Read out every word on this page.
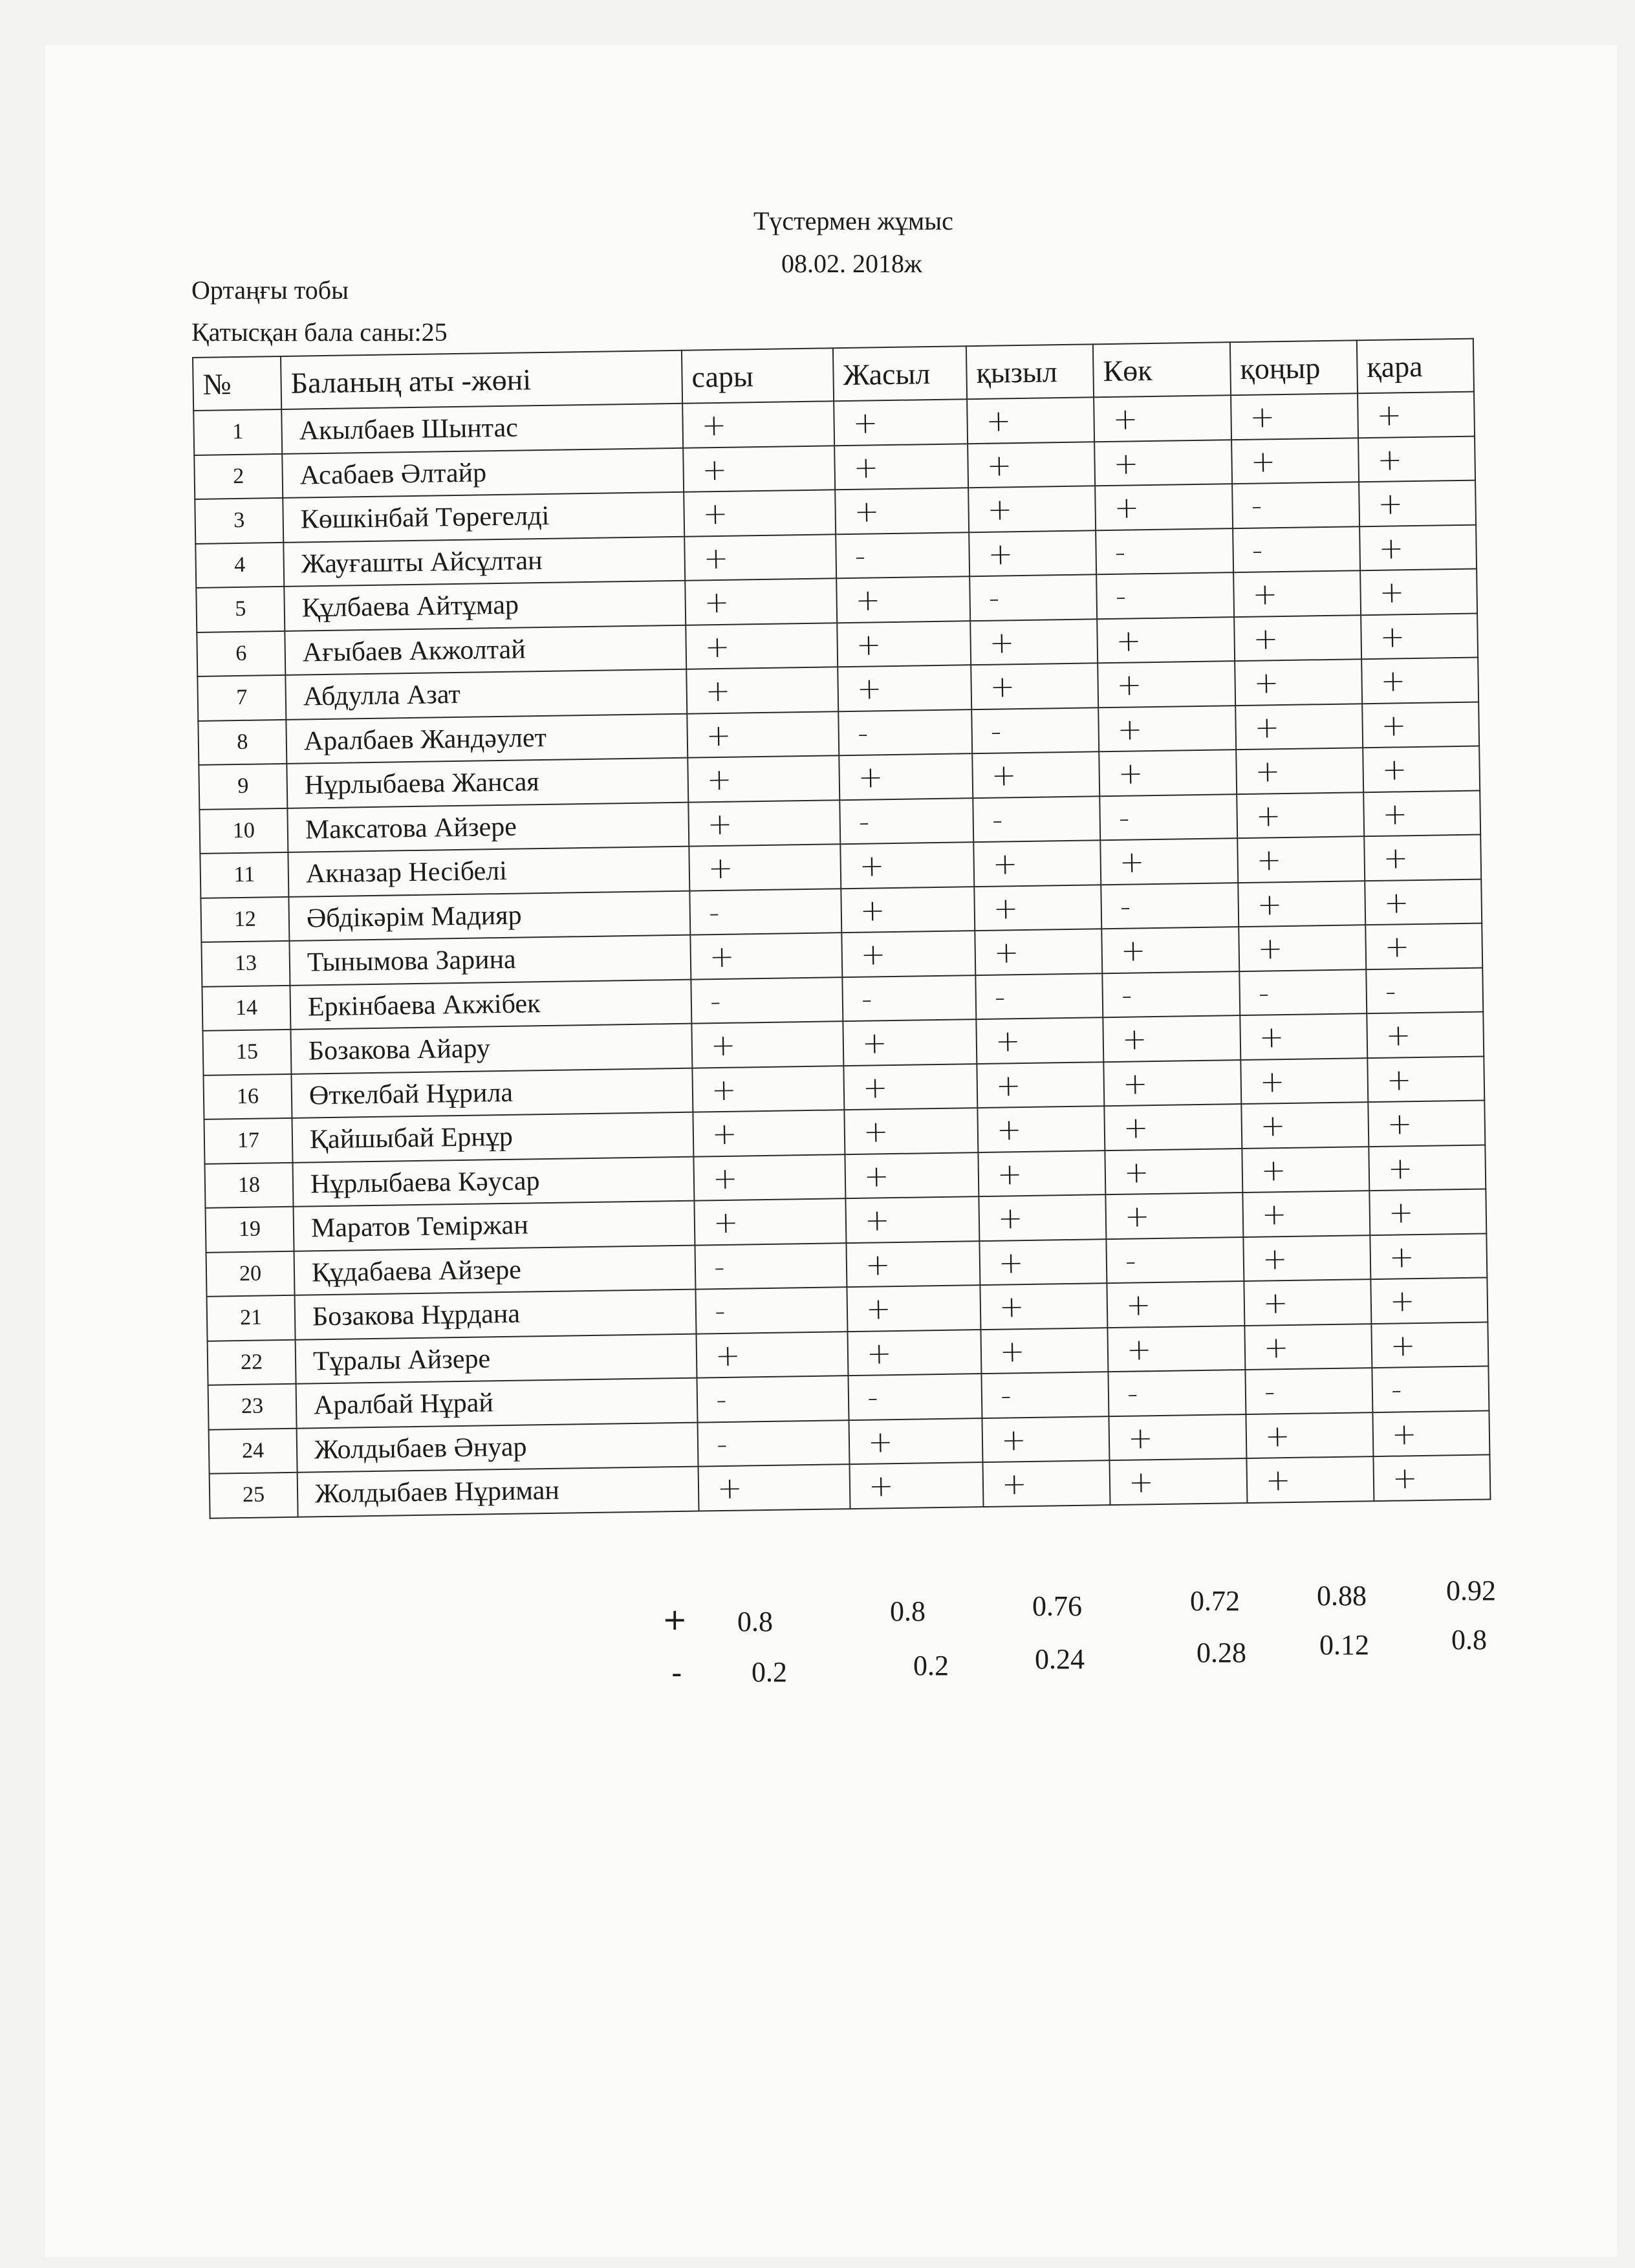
Түстермен жұмыс
08.02. 2018ж
Ортаңғы тобы
Қатысқан бала саны:25
№	Баланың аты -жөні	сары	Жасыл	қызыл	Көк	қоңыр	қара
1	Акылбаев Шынтас	+	+	+	+	+	+
2	Асабаев Әлтайр	+	+	+	+	+	+
3	Көшкінбай Төрегелді	+	+	+	+	-	+
4	Жауғашты Айсұлтан	+	-	+	-	-	+
5	Құлбаева Айтұмар	+	+	-	-	+	+
6	Ағыбаев Акжолтай	+	+	+	+	+	+
7	Абдулла Азат	+	+	+	+	+	+
8	Аралбаев Жандәулет	+	-	-	+	+	+
9	Нұрлыбаева Жансая	+	+	+	+	+	+
10	Максатова Айзере	+	-	-	-	+	+
11	Акназар Несібелі	+	+	+	+	+	+
12	Әбдікәрім Мадияр	-	+	+	-	+	+
13	Тынымова Зарина	+	+	+	+	+	+
14	Еркінбаева Акжібек	-	-	-	-	-	-
15	Бозакова Айару	+	+	+	+	+	+
16	Өткелбай Нұрила	+	+	+	+	+	+
17	Қайшыбай Ернұр	+	+	+	+	+	+
18	Нұрлыбаева Кәусар	+	+	+	+	+	+
19	Маратов Теміржан	+	+	+	+	+	+
20	Құдабаева Айзере	-	+	+	-	+	+
21	Бозакова Нұрдана	-	+	+	+	+	+
22	Тұралы Айзере	+	+	+	+	+	+
23	Аралбай Нұрай	-	-	-	-	-	-
24	Жолдыбаев Әнуар	-	+	+	+	+	+
25	Жолдыбаев Нұриман	+	+	+	+	+	+
+ 0.8	0.8	0.76	0.72	0.88	0.92
- 0.2	0.2	0.24	0.28	0.12	0.8
